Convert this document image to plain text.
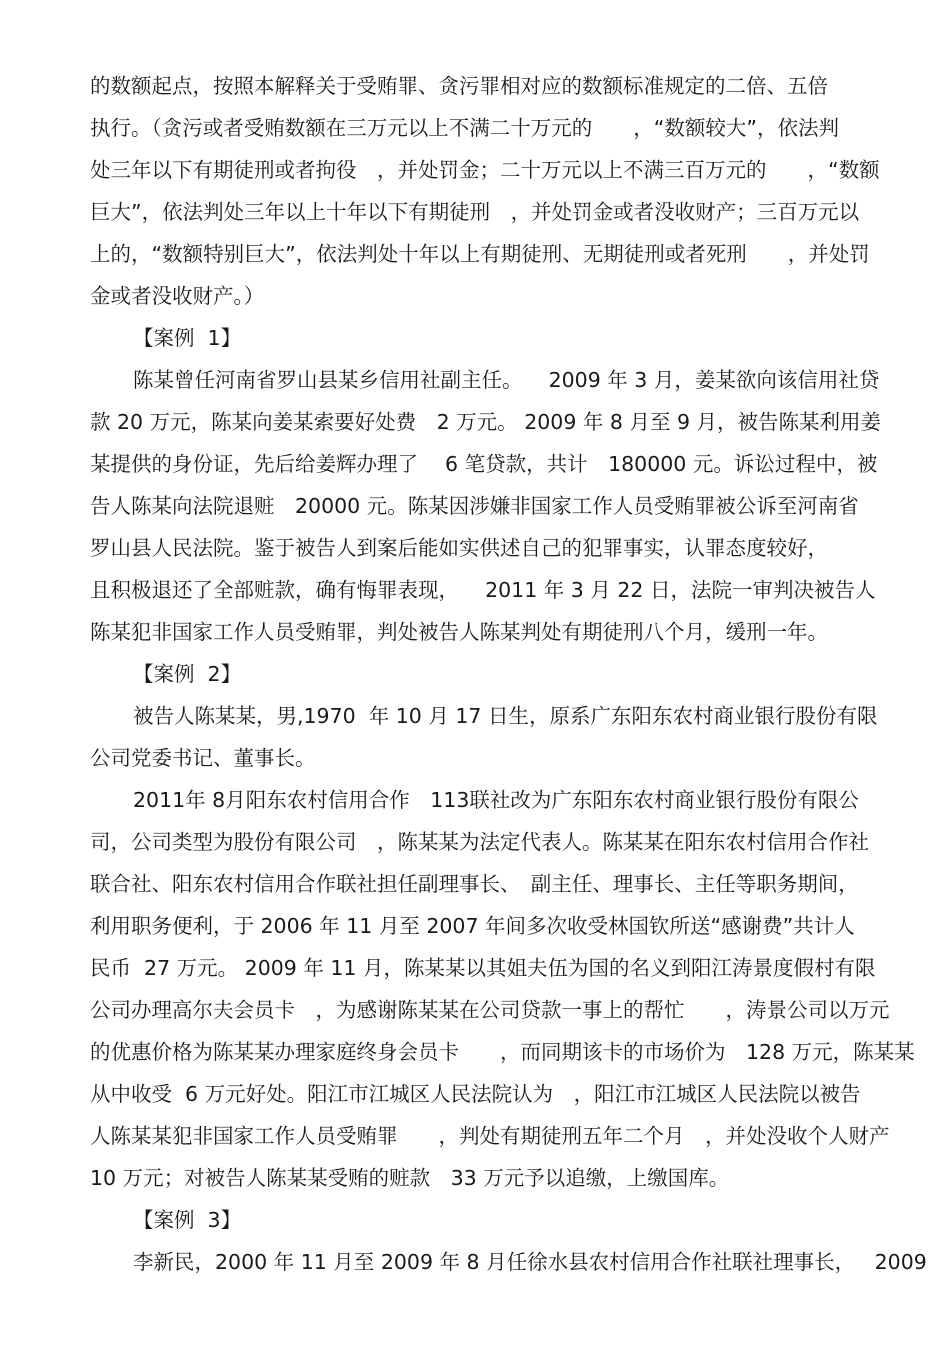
的数额起点，按照本解释关于受贿罪、贪污罪相对应的数额标准规定的二倍、五倍
执行。（贪污或者受贿数额在三万元以上不满二十万元的　　，“数额较大”，依法判
处三年以下有期徒刑或者拘役　，并处罚金；二十万元以上不满三百万元的　　，“数额
巨大”，依法判处三年以上十年以下有期徒刑　，并处罚金或者没收财产；三百万元以
上的，“数额特别巨大”，依法判处十年以上有期徒刑、无期徒刑或者死刑　　，并处罚
金或者没收财产。）
【案例  1】
陈某曾任河南省罗山县某乡信用社副主任。    2009 年 3 月，姜某欲向该信用社贷
款 20 万元，陈某向姜某索要好处费　2 万元。 2009 年 8 月至 9 月，被告陈某利用姜
某提供的身份证，先后给姜辉办理了　 6 笔贷款，共计　180000 元。诉讼过程中，被
告人陈某向法院退赃　20000 元。陈某因涉嫌非国家工作人员受贿罪被公诉至河南省
罗山县人民法院。鉴于被告人到案后能如实供述自己的犯罪事实，认罪态度较好，
且积极退还了全部赃款，确有悔罪表现，    2011 年 3 月 22 日，法院一审判决被告人
陈某犯非国家工作人员受贿罪，判处被告人陈某判处有期徒刑八个月，缓刑一年。
【案例  2】
被告人陈某某，男,1970  年 10 月 17 日生，原系广东阳东农村商业银行股份有限
公司党委书记、董事长。
2011年 8月阳东农村信用合作　113联社改为广东阳东农村商业银行股份有限公
司，公司类型为股份有限公司　，陈某某为法定代表人。陈某某在阳东农村信用合作社
联合社、阳东农村信用合作联社担任副理事长、　副主任、理事长、主任等职务期间，
利用职务便利，于 2006 年 11 月至 2007 年间多次收受林国钦所送“感谢费”共计人
民币  27 万元。 2009 年 11 月，陈某某以其姐夫伍为国的名义到阳江涛景度假村有限
公司办理高尔夫会员卡　，为感谢陈某某在公司贷款一事上的帮忙　　，涛景公司以万元
的优惠价格为陈某某办理家庭终身会员卡　　，而同期该卡的市场价为　128 万元，陈某某
从中收受  6 万元好处。阳江市江城区人民法院认为　，阳江市江城区人民法院以被告
人陈某某犯非国家工作人员受贿罪　　，判处有期徒刑五年二个月　，并处没收个人财产
10 万元；对被告人陈某某受贿的赃款　33 万元予以追缴，上缴国库。
【案例  3】
李新民，2000 年 11 月至 2009 年 8 月任徐水县农村信用合作社联社理事长，   2009
